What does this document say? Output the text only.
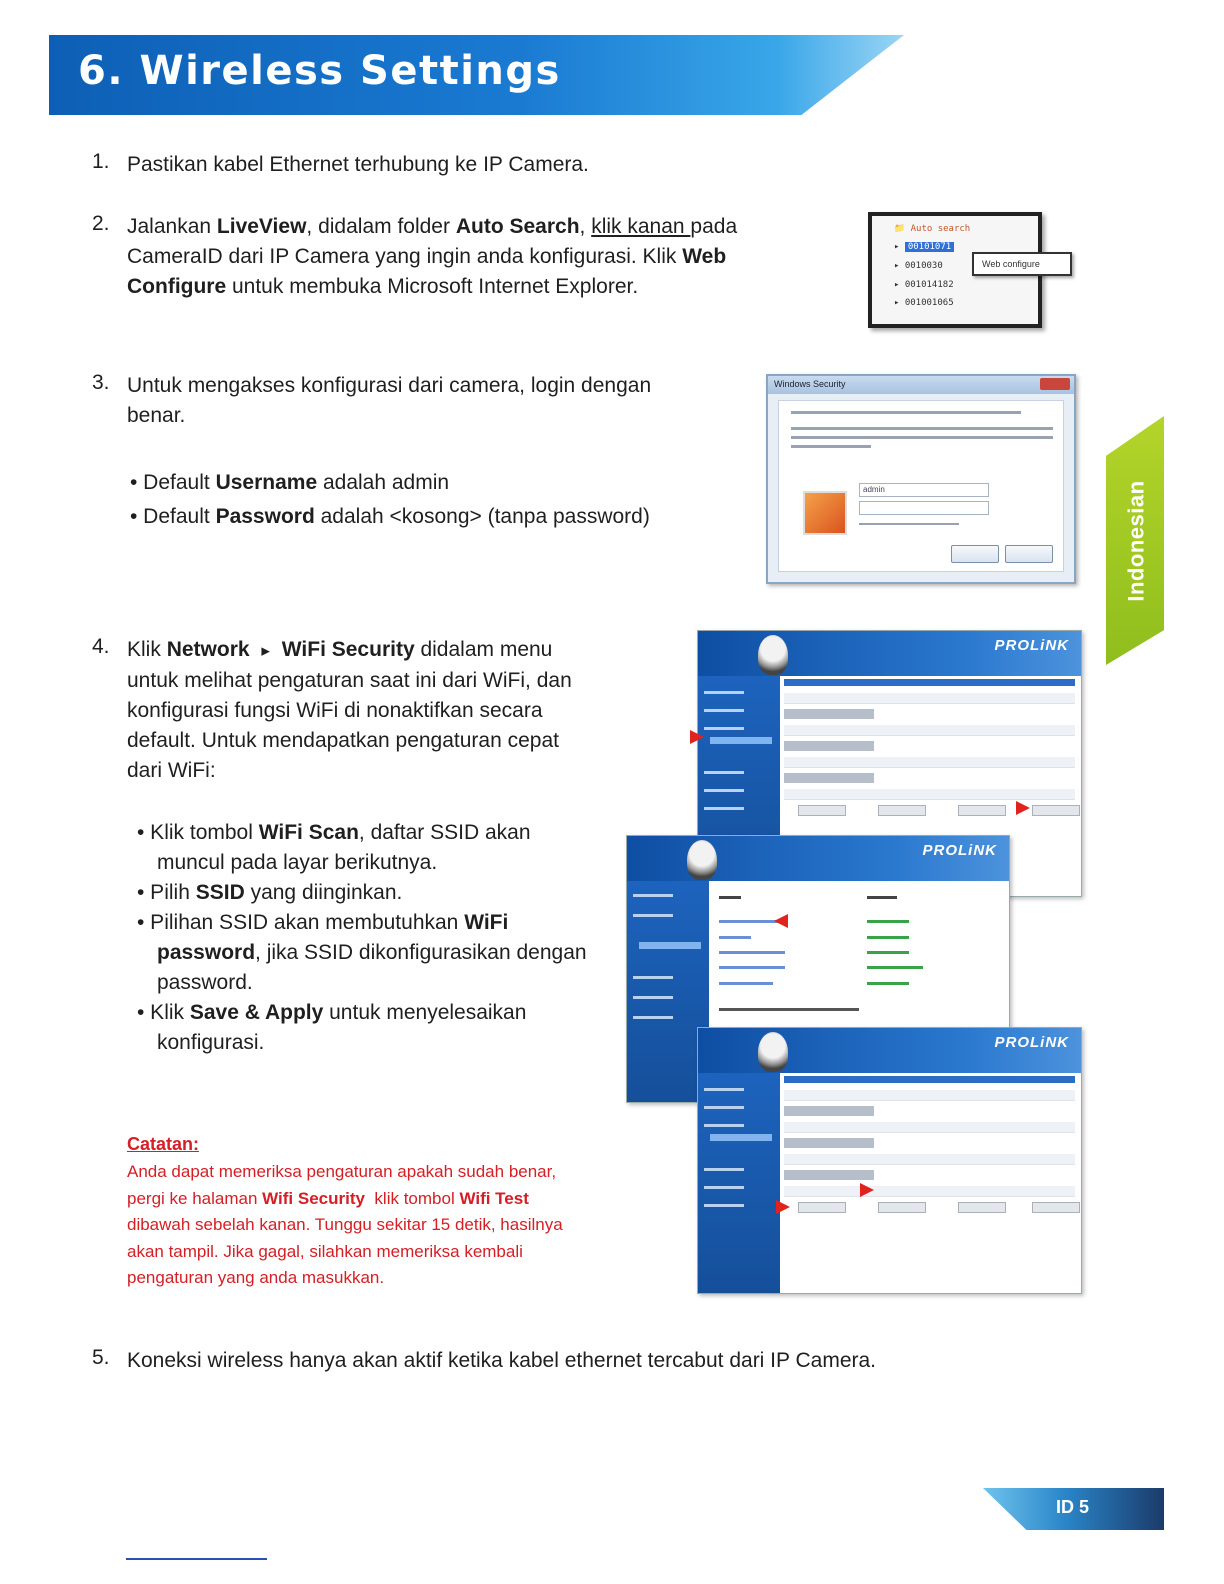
6. Wireless Settings
Indonesian
1. Pastikan kabel Ethernet terhubung ke IP Camera.
2. Jalankan LiveView, didalam folder Auto Search, klik kanan pada
CameraID dari IP Camera yang ingin anda konfigurasi. Klik Web
Configure untuk membuka Microsoft Internet Explorer.
📁 Auto search
▸ 00101071
▸ 0010030
▸ 001014182
▸ 001001065
Web configure
3. Untuk mengakses konfigurasi dari camera, login dengan
benar.
• Default Username adalah admin
• Default Password adalah <kosong> (tanpa password)
Windows Security
admin
4. Klik Network ▸ WiFi Security didalam menu
untuk melihat pengaturan saat ini dari WiFi, dan
konfigurasi fungsi WiFi di nonaktifkan secara
default. Untuk mendapatkan pengaturan cepat
dari WiFi:
• Klik tombol WiFi Scan, daftar SSID akan
muncul pada layar berikutnya.
• Pilih SSID yang diinginkan.
• Pilihan SSID akan membutuhkan WiFi
password, jika SSID dikonfigurasikan dengan
password.
• Klik Save & Apply untuk menyelesaikan
konfigurasi.
PROLiNK
PROLiNK
PROLiNK
Catatan:
Anda dapat memeriksa pengaturan apakah sudah benar,
pergi ke halaman Wifi Security  klik tombol Wifi Test
dibawah sebelah kanan. Tunggu sekitar 15 detik, hasilnya
akan tampil. Jika gagal, silahkan memeriksa kembali
pengaturan yang anda masukkan.
5. Koneksi wireless hanya akan aktif ketika kabel ethernet tercabut dari IP Camera.
ID 5
